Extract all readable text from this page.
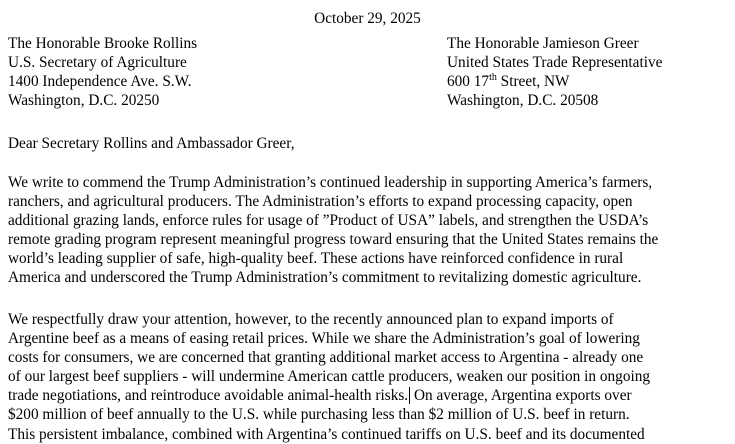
October 29, 2025
The Honorable Brooke Rollins
U.S. Secretary of Agriculture
1400 Independence Ave. S.W.
Washington, D.C. 20250
The Honorable Jamieson Greer
United States Trade Representative
600 17th Street, NW
Washington, D.C. 20508
Dear Secretary Rollins and Ambassador Greer,
We write to commend the Trump Administration’s continued leadership in supporting America’s farmers,
ranchers, and agricultural producers. The Administration’s efforts to expand processing capacity, open
additional grazing lands, enforce rules for usage of ”Product of USA” labels, and strengthen the USDA’s
remote grading program represent meaningful progress toward ensuring that the United States remains the
world’s leading supplier of safe, high-quality beef. These actions have reinforced confidence in rural
America and underscored the Trump Administration’s commitment to revitalizing domestic agriculture.
We respectfully draw your attention, however, to the recently announced plan to expand imports of
Argentine beef as a means of easing retail prices. While we share the Administration’s goal of lowering
costs for consumers, we are concerned that granting additional market access to Argentina - already one
of our largest beef suppliers - will undermine American cattle producers, weaken our position in ongoing
trade negotiations, and reintroduce avoidable animal-health risks. On average, Argentina exports over
$200 million of beef annually to the U.S. while purchasing less than $2 million of U.S. beef in return.
This persistent imbalance, combined with Argentina’s continued tariffs on U.S. beef and its documented
